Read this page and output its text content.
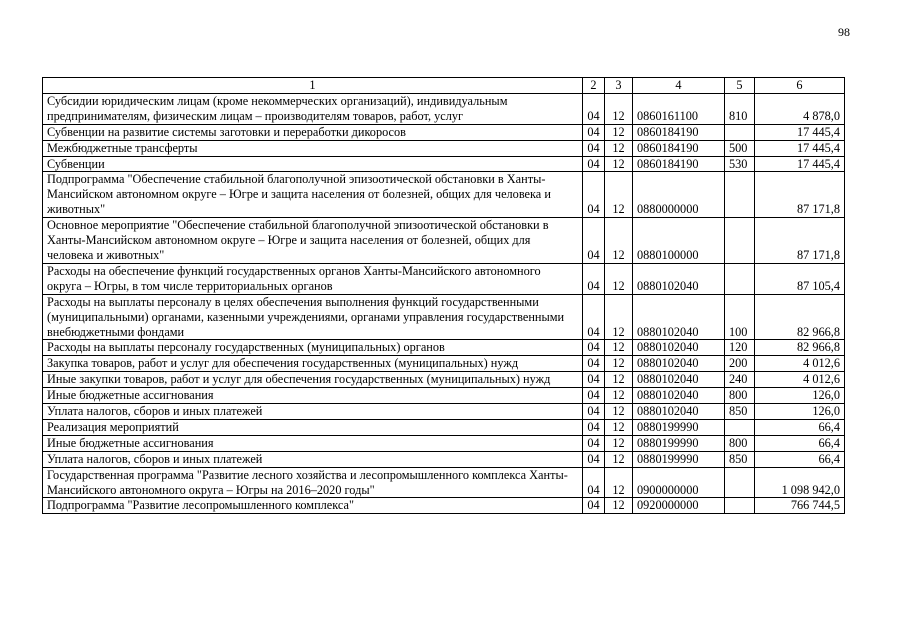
98
1	2	3	4	5	6
Субсидии юридическим лицам (кроме некоммерческих организаций), индивидуальным предпринимателям, физическим лицам – производителям товаров, работ, услуг	04	12	0860161100	810	4 878,0
Субвенции на развитие системы заготовки и переработки дикоросов	04	12	0860184190		17 445,4
Межбюджетные трансферты	04	12	0860184190	500	17 445,4
Субвенции	04	12	0860184190	530	17 445,4
Подпрограмма "Обеспечение стабильной благополучной эпизоотической обстановки в Ханты-Мансийском автономном округе – Югре и защита населения от болезней, общих для человека и животных"	04	12	0880000000		87 171,8
Основное мероприятие "Обеспечение стабильной благополучной эпизоотической обстановки в Ханты-Мансийском автономном округе – Югре и защита населения от болезней, общих для человека и животных"	04	12	0880100000		87 171,8
Расходы на обеспечение функций государственных органов Ханты-Мансийского автономного округа – Югры, в том числе территориальных органов	04	12	0880102040		87 105,4
Расходы на выплаты персоналу в целях обеспечения выполнения функций государственными (муниципальными) органами, казенными учреждениями, органами управления государственными внебюджетными фондами	04	12	0880102040	100	82 966,8
Расходы на выплаты персоналу государственных (муниципальных) органов	04	12	0880102040	120	82 966,8
Закупка товаров, работ и услуг для обеспечения государственных (муниципальных) нужд	04	12	0880102040	200	4 012,6
Иные закупки товаров, работ и услуг для обеспечения государственных (муниципальных) нужд	04	12	0880102040	240	4 012,6
Иные бюджетные ассигнования	04	12	0880102040	800	126,0
Уплата налогов, сборов и иных платежей	04	12	0880102040	850	126,0
Реализация мероприятий	04	12	0880199990		66,4
Иные бюджетные ассигнования	04	12	0880199990	800	66,4
Уплата налогов, сборов и иных платежей	04	12	0880199990	850	66,4
Государственная программа "Развитие лесного хозяйства и лесопромышленного комплекса Ханты-Мансийского автономного округа – Югры на 2016–2020 годы"	04	12	0900000000		1 098 942,0
Подпрограмма "Развитие лесопромышленного комплекса"	04	12	0920000000		766 744,5
